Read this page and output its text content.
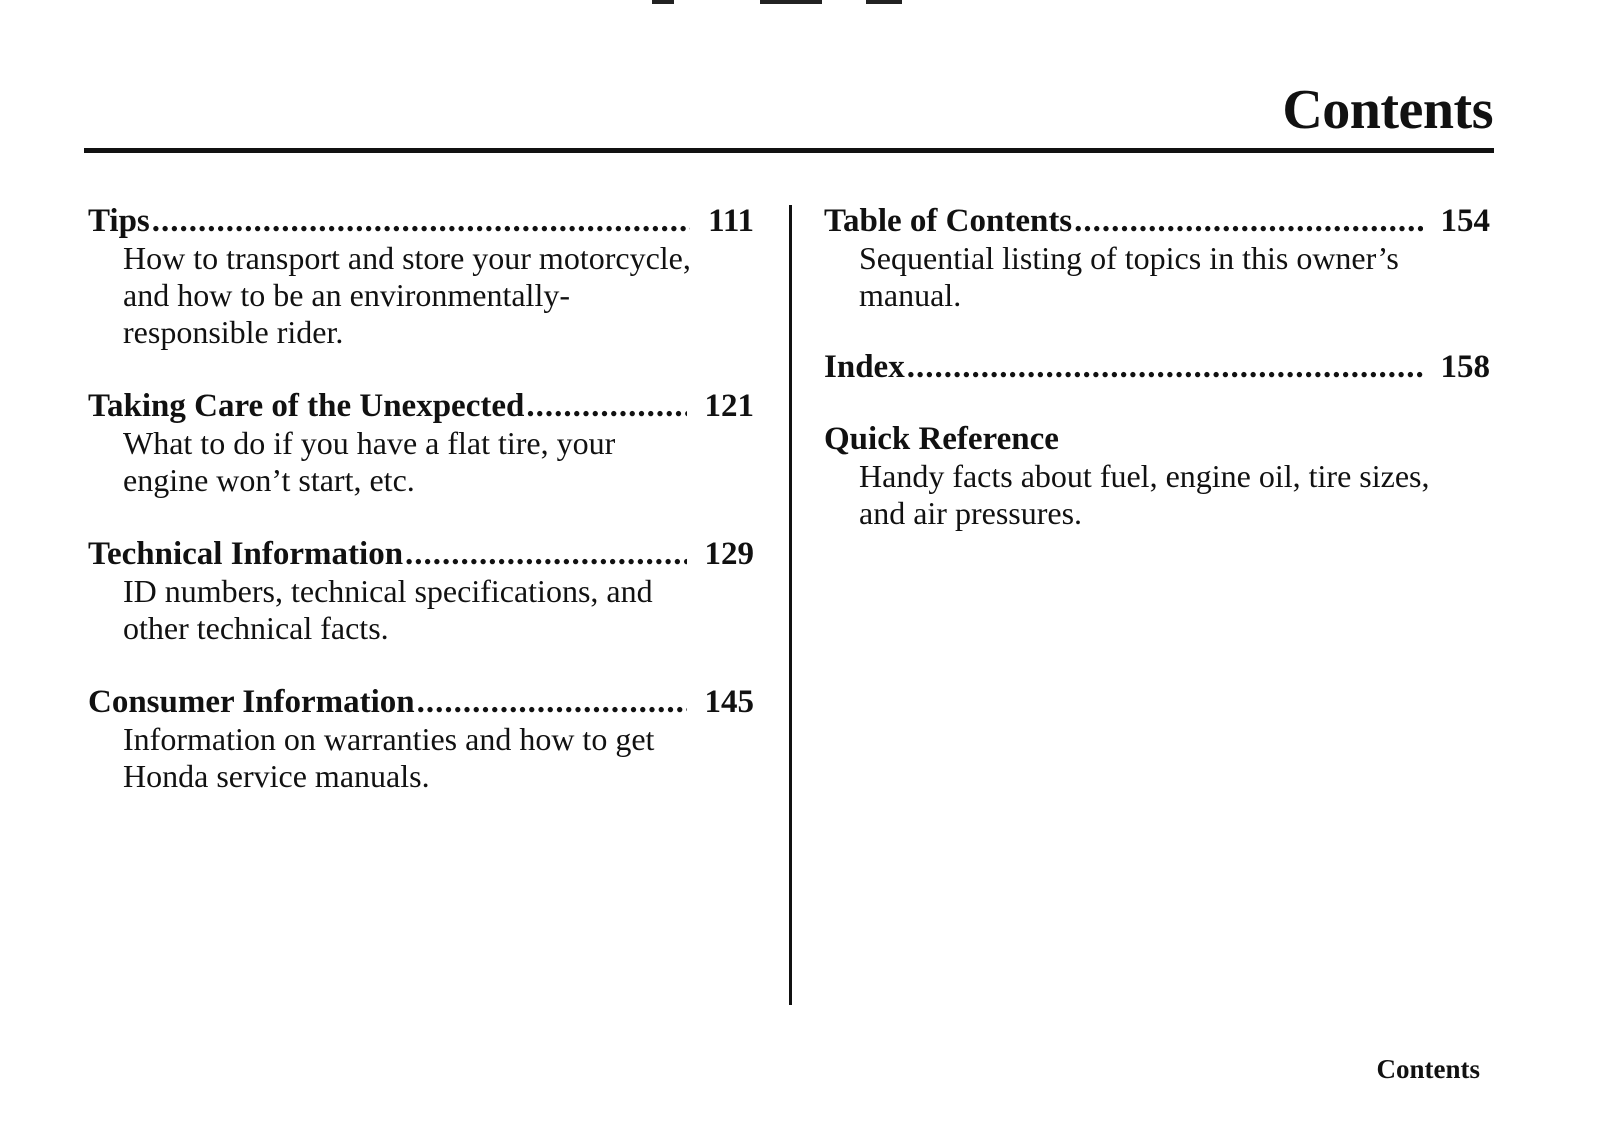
Contents
Tips .....	111
How to transport and store your motorcycle, and how to be an environmentally-responsible rider.
Taking Care of the Unexpected .....	121
What to do if you have a flat tire, your engine won’t start, etc.
Technical Information .....	129
ID numbers, technical specifications, and other technical facts.
Consumer Information .....	145
Information on warranties and how to get Honda service manuals.
Table of Contents .....	154
Sequential listing of topics in this owner’s manual.
Index .....	158
Quick Reference
Handy facts about fuel, engine oil, tire sizes, and air pressures.
Contents
